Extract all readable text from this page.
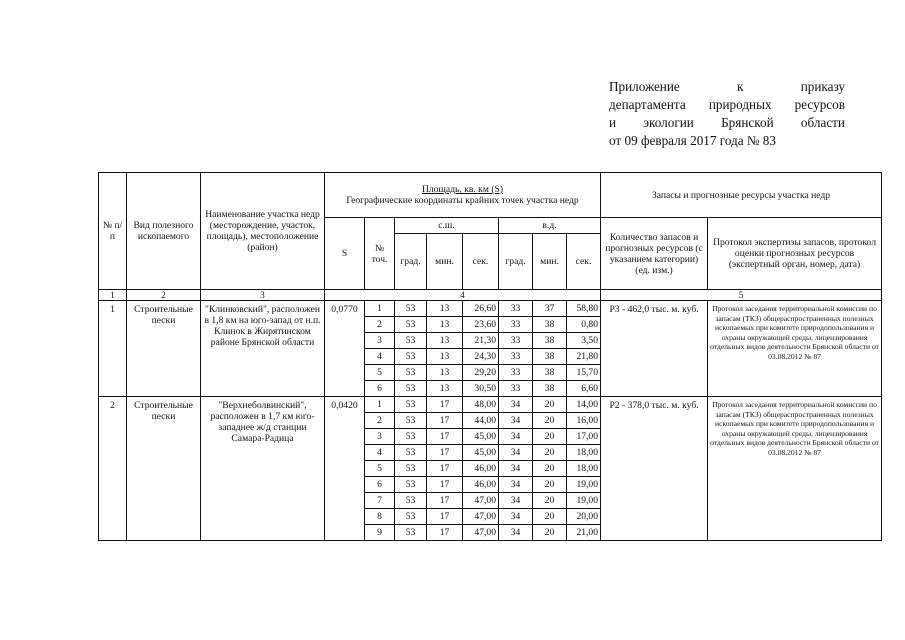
Приложение	к	приказу
департамента природных ресурсов
и экологии Брянской области
от 09 февраля 2017 года № 83
№ п/п	Вид полезного ископаемого	Наименование участка недр (месторождение, участок, площадь), местоположение (район)	Площадь, кв. км (S)
Географические координаты крайних точек участка недр								Запасы и прогнозные ресурсы участка недр	
			S	№ точ.	с.ш.			в.д.			Количество запасов и прогнозных ресурсов (с указанием категории) (ед. изм.)	Протокол экспертизы запасов, протокол оценки прогнозных ресурсов (экспертный орган, номер, дата)
					град.	мин.	сек.	град.	мин.	сек.		
1	2	3	4								5	
1	Строительные пески	"Клинковский", расположен в 1,8 км на юго-запад от н.п. Клинок в Жирятинском районе Брянской области	0,0770	1	53	13	26,60	33	37	58,80	Р3 - 462,0 тыс. м. куб.	Протокол заседания территориальной комиссии по запасам (ТКЗ) общераспространенных полезных ископаемых при комитете природопользования и охраны окружающей среды, лицензирования отдельных видов деятельности Брянской области от 03.08.2012 № 87
				2	53	13	23,60	33	38	0,80		
				3	53	13	21,30	33	38	3,50		
				4	53	13	24,30	33	38	21,80		
				5	53	13	29,20	33	38	15,70		
				6	53	13	30,50	33	38	6,60		
2	Строительные пески	"Верхнеболвинский", расположен в 1,7 км юго-западнее ж/д станции Самара-Радица	0,0420	1	53	17	48,00	34	20	14,00	Р2 - 378,0 тыс. м. куб.	Протокол заседания территориальной комиссии по запасам (ТКЗ) общераспространенных полезных ископаемых при комитете природопользования и охраны окружающей среды, лицензирования отдельных видов деятельности Брянской области от 03.08.2012 № 87
				2	53	17	44,00	34	20	16,00		
				3	53	17	45,00	34	20	17,00		
				4	53	17	45,00	34	20	18,00		
				5	53	17	46,00	34	20	18,00		
				6	53	17	46,00	34	20	19,00		
				7	53	17	47,00	34	20	19,00		
				8	53	17	47,00	34	20	20,00		
				9	53	17	47,00	34	20	21,00		
